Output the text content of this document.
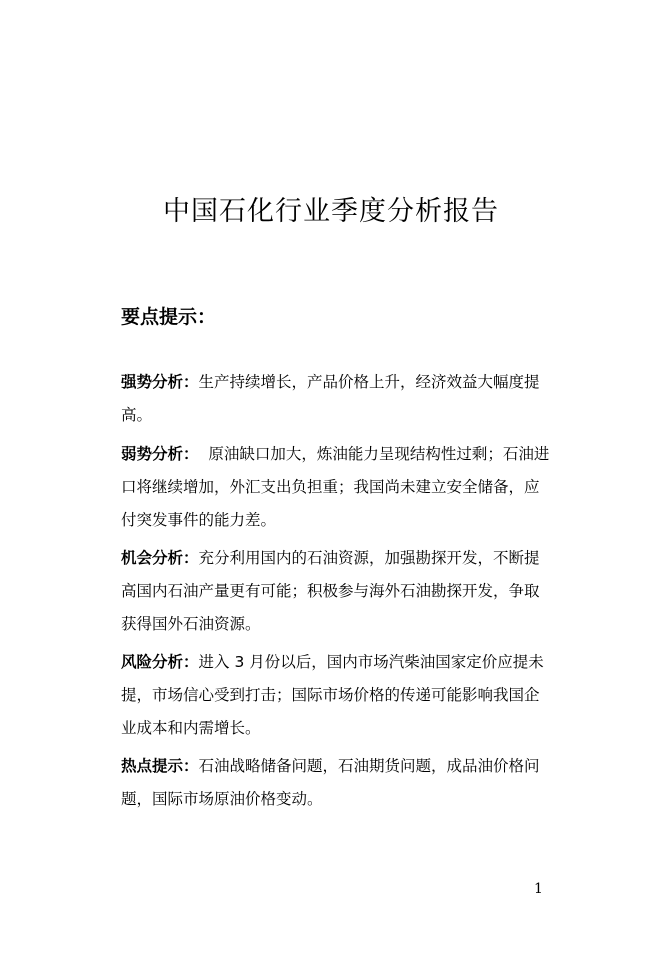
中国石化行业季度分析报告
要点提示：
强势分析：生产持续增长，产品价格上升，经济效益大幅度提高。
弱势分析：  原油缺口加大，炼油能力呈现结构性过剩；石油进口将继续增加，外汇支出负担重；我国尚未建立安全储备，应付突发事件的能力差。
机会分析：充分利用国内的石油资源，加强勘探开发，不断提高国内石油产量更有可能；积极参与海外石油勘探开发，争取获得国外石油资源。
风险分析：进入 3 月份以后，国内市场汽柴油国家定价应提未提，市场信心受到打击；国际市场价格的传递可能影响我国企业成本和内需增长。
热点提示：石油战略储备问题，石油期货问题，成品油价格问题，国际市场原油价格变动。
1
